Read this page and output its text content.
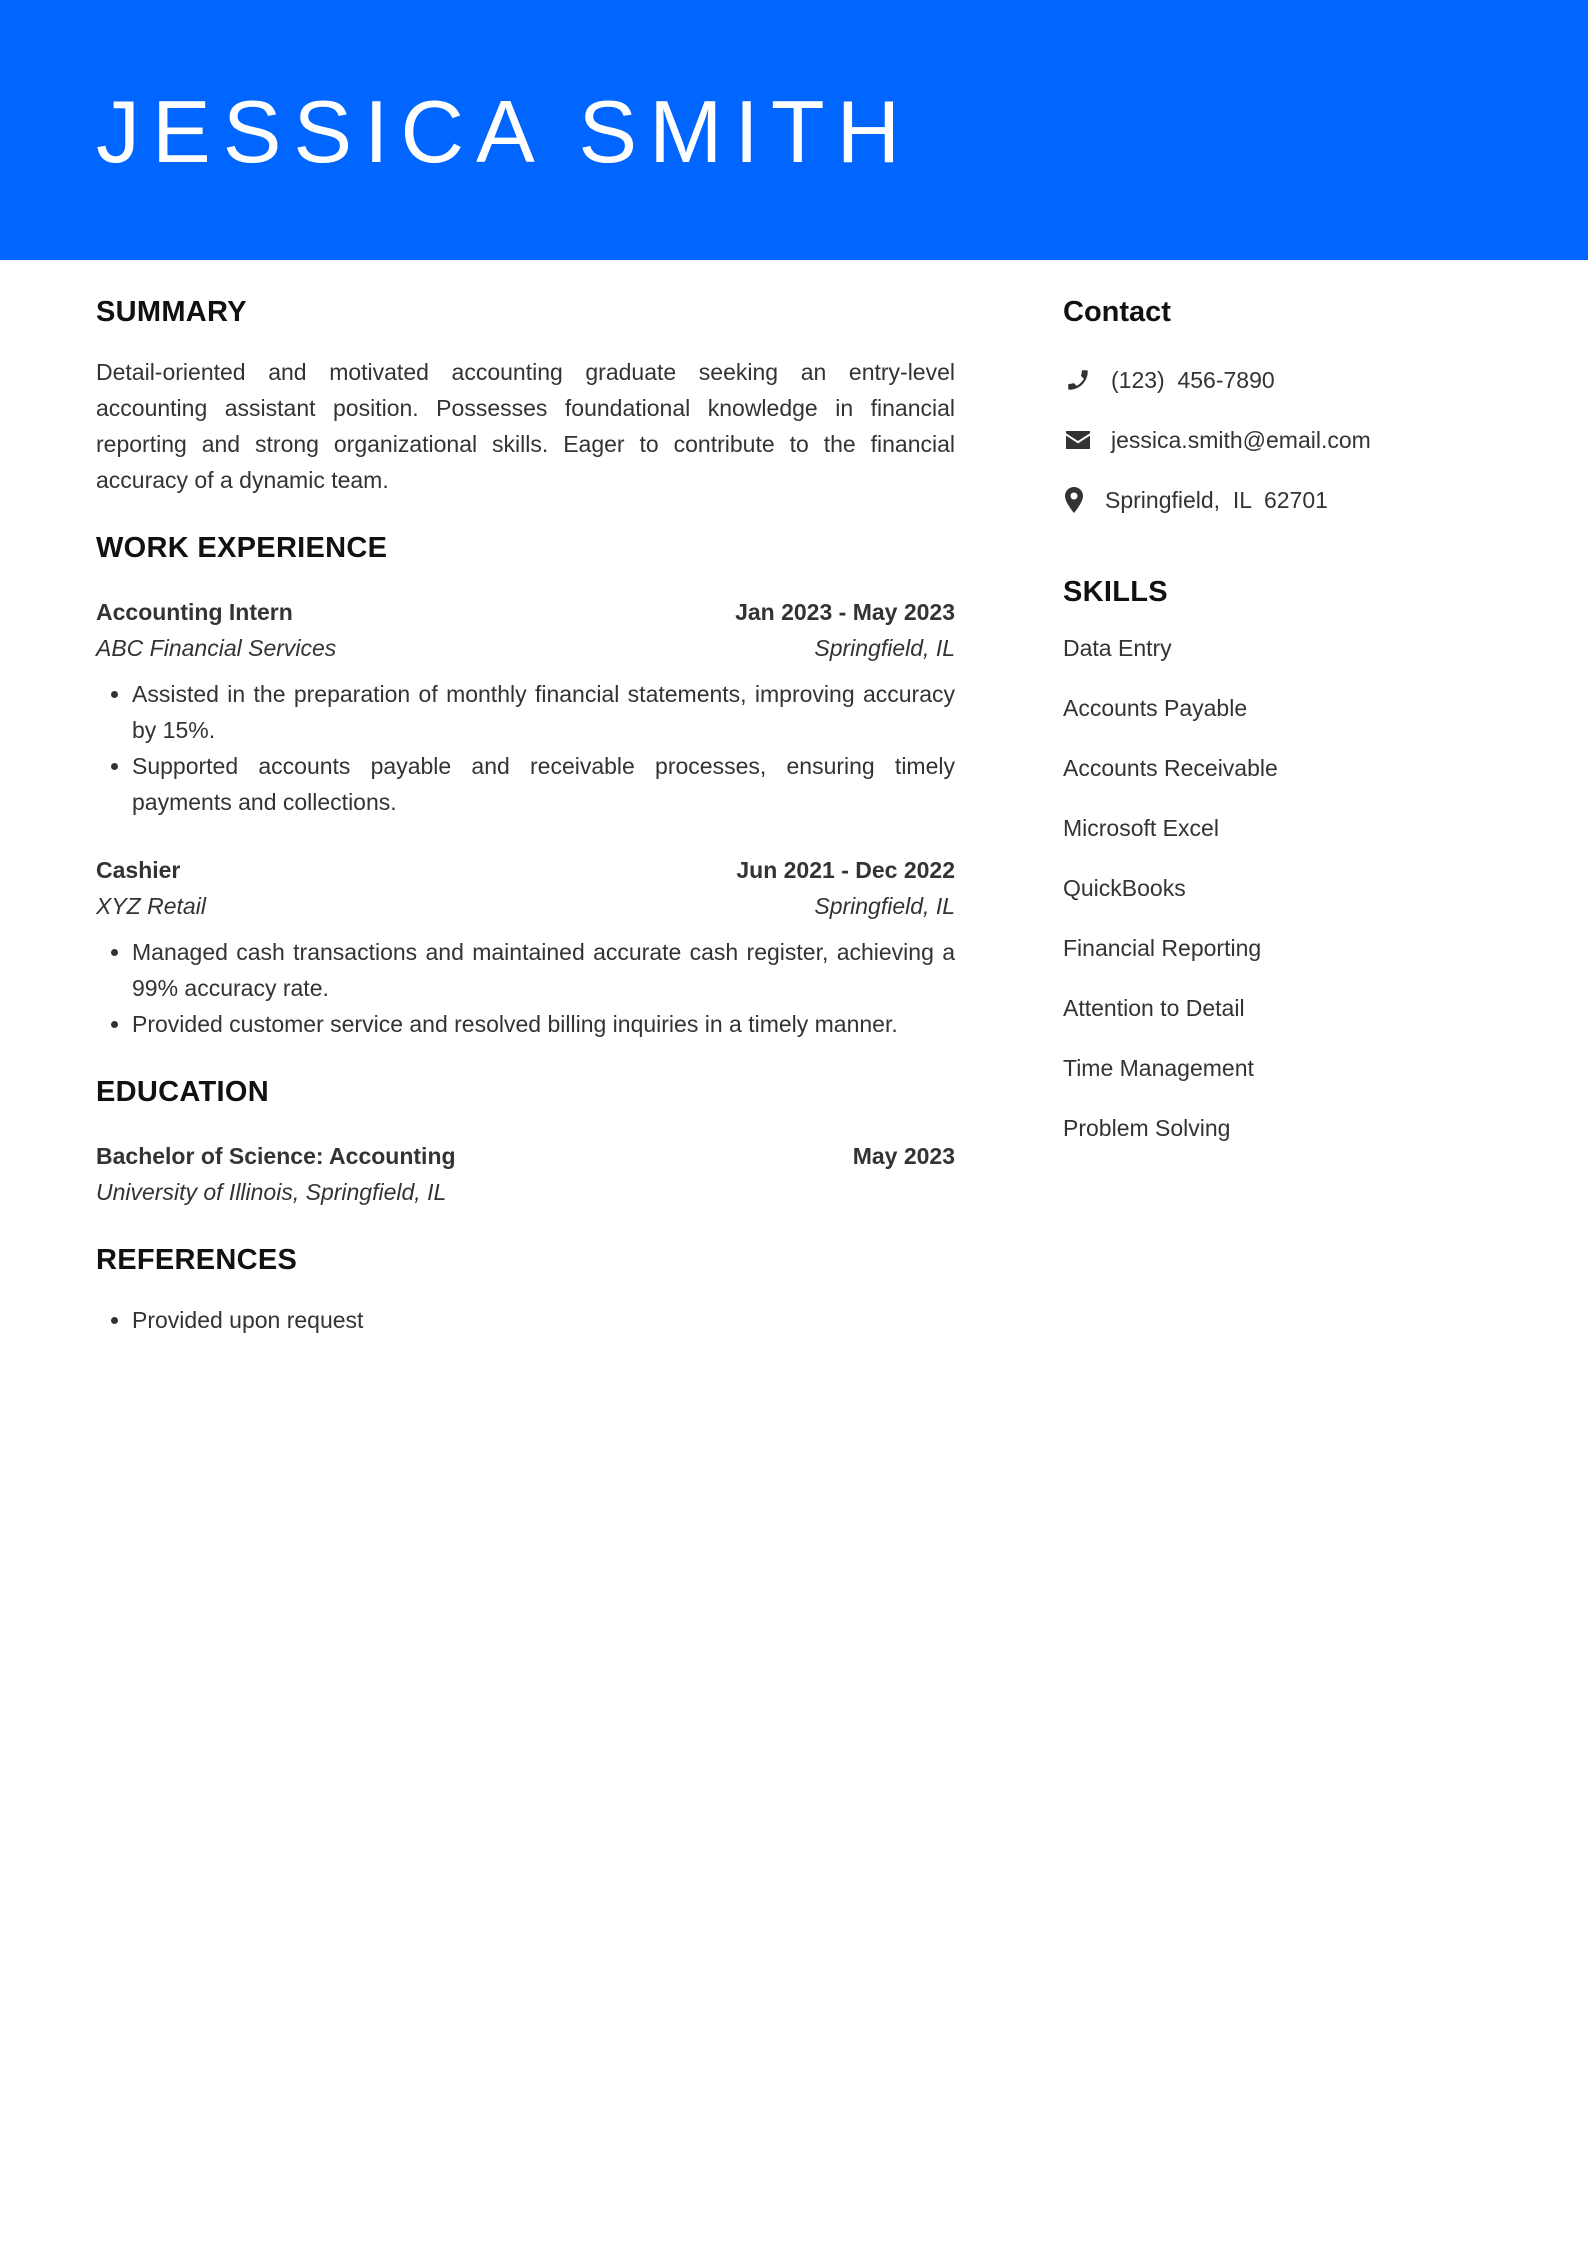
JESSICA SMITH
SUMMARY

Detail-oriented and motivated accounting graduate seeking an entry-level accounting assistant position. Possesses foundational knowledge in financial reporting and strong organizational skills. Eager to contribute to the financial accuracy of a dynamic team.

WORK EXPERIENCE
Accounting Intern	Jan 2023 - May 2023
ABC Financial Services	Springfield, IL
• Assisted in the preparation of monthly financial statements, improving accuracy by 15%.
• Supported accounts payable and receivable processes, ensuring timely payments and collections.
Cashier	Jun 2021 - Dec 2022
XYZ Retail	Springfield, IL
• Managed cash transactions and maintained accurate cash register, achieving a 99% accuracy rate.
• Provided customer service and resolved billing inquiries in a timely manner.
EDUCATION
Bachelor of Science: Accounting	May 2023
University of Illinois, Springfield, IL
REFERENCES
• Provided upon request
Contact
(123)  456-7890
jessica.smith@email.com
Springfield,  IL  62701
SKILLS
Data Entry
Accounts Payable
Accounts Receivable
Microsoft Excel
QuickBooks
Financial Reporting
Attention to Detail
Time Management
Problem Solving
